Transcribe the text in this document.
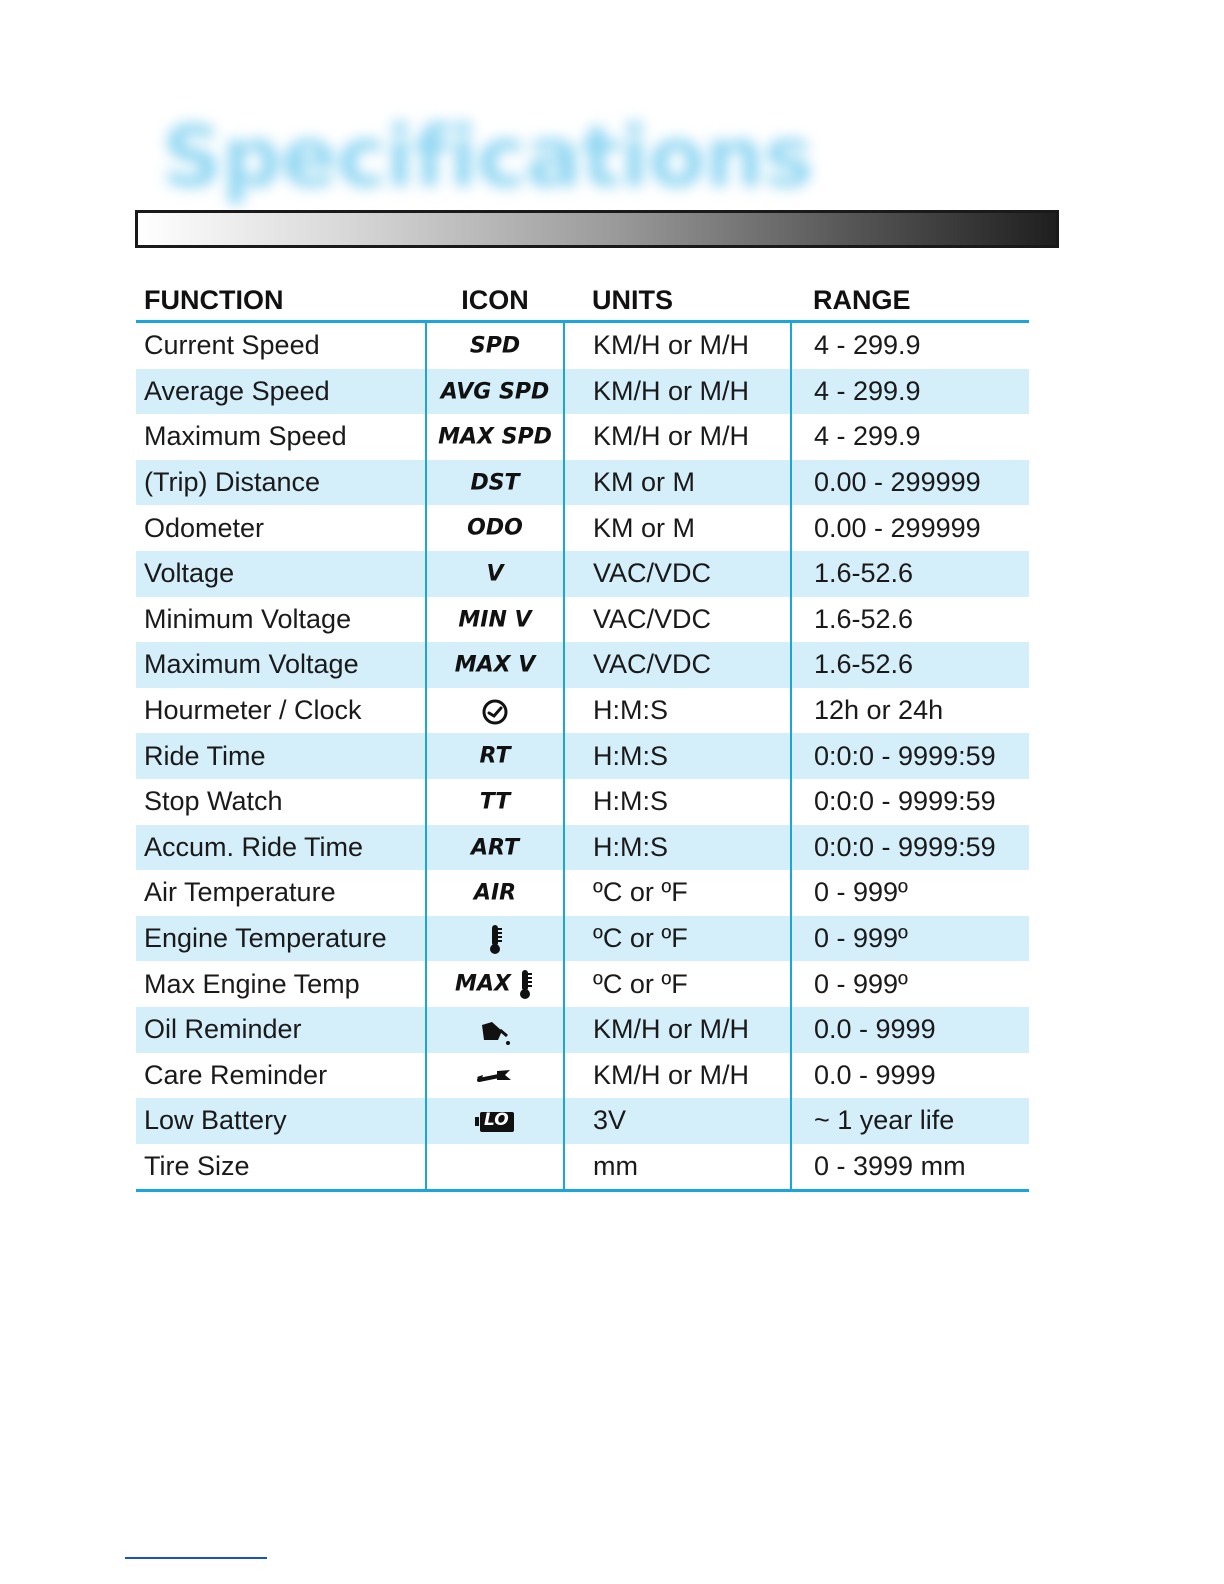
Specifications
FUNCTION	ICON	UNITS	RANGE
Current Speed	SPD	KM/H or M/H	4 - 299.9
Average Speed	AVG SPD	KM/H or M/H	4 - 299.9
Maximum Speed	MAX SPD	KM/H or M/H	4 - 299.9
(Trip) Distance	DST	KM or M	0.00 - 299999
Odometer	ODO	KM or M	0.00 - 299999
Voltage	V	VAC/VDC	1.6-52.6
Minimum Voltage	MIN V	VAC/VDC	1.6-52.6
Maximum Voltage	MAX V	VAC/VDC	1.6-52.6
Hourmeter / Clock		H:M:S	12h or 24h
Ride Time	RT	H:M:S	0:0:0 - 9999:59
Stop Watch	TT	H:M:S	0:0:0 - 9999:59
Accum. Ride Time	ART	H:M:S	0:0:0 - 9999:59
Air Temperature	AIR	ºC or ºF	0 - 999º
Engine Temperature		ºC or ºF	0 - 999º
Max Engine Temp	MAX	ºC or ºF	0 - 999º
Oil Reminder		KM/H or M/H	0.0 - 9999
Care Reminder		KM/H or M/H	0.0 - 9999
Low Battery	LO	3V	~ 1 year life
Tire Size		mm	0 - 3999 mm
